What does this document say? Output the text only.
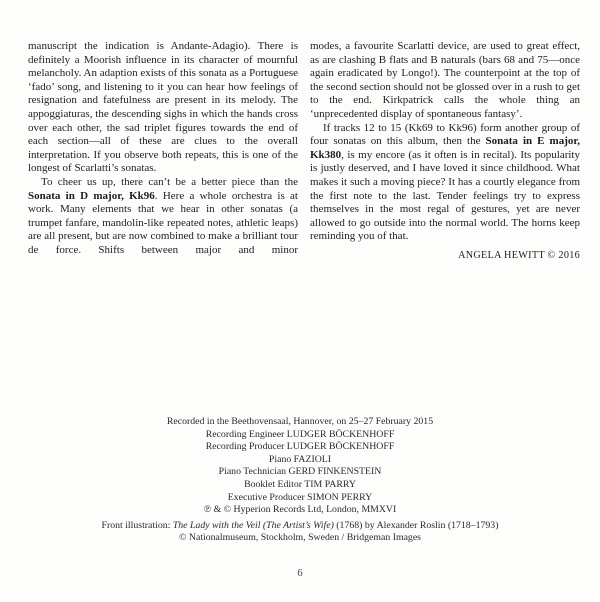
manuscript the indication is Andante-Adagio). There is definitely a Moorish influence in its character of mournful melancholy. An adaption exists of this sonata as a Portuguese ‘fado’ song, and listening to it you can hear how feelings of resignation and fatefulness are present in its melody. The appoggiaturas, the descending sighs in which the hands cross over each other, the sad triplet figures towards the end of each section—all of these are clues to the overall interpretation. If you observe both repeats, this is one of the longest of Scarlatti’s sonatas.

To cheer us up, there can’t be a better piece than the Sonata in D major, Kk96. Here a whole orchestra is at work. Many elements that we hear in other sonatas (a trumpet fanfare, mandolin-like repeated notes, athletic leaps) are all present, but are now combined to make a brilliant tour de force. Shifts between major and minor

modes, a favourite Scarlatti device, are used to great effect, as are clashing B flats and B naturals (bars 68 and 75—once again eradicated by Longo!). The counterpoint at the top of the second section should not be glossed over in a rush to get to the end. Kirkpatrick calls the whole thing an ‘unprecedented display of spontaneous fantasy’.

If tracks 12 to 15 (Kk69 to Kk96) form another group of four sonatas on this album, then the Sonata in E major, Kk380, is my encore (as it often is in recital). Its popularity is justly deserved, and I have loved it since childhood. What makes it such a moving piece? It has a courtly elegance from the first note to the last. Tender feelings try to express themselves in the most regal of gestures, yet are never allowed to go outside into the normal world. The horns keep reminding you of that.

ANGELA HEWITT © 2016
Recorded in the Beethovensaal, Hannover, on 25–27 February 2015
Recording Engineer LUDGER BÖCKENHOFF
Recording Producer LUDGER BÖCKENHOFF
Piano FAZIOLI
Piano Technician GERD FINKENSTEIN
Booklet Editor TIM PARRY
Executive Producer SIMON PERRY
℗ & © Hyperion Records Ltd, London, MMXVI
Front illustration: The Lady with the Veil (The Artist’s Wife) (1768) by Alexander Roslin (1718–1793)
© Nationalmuseum, Stockholm, Sweden / Bridgeman Images
6
